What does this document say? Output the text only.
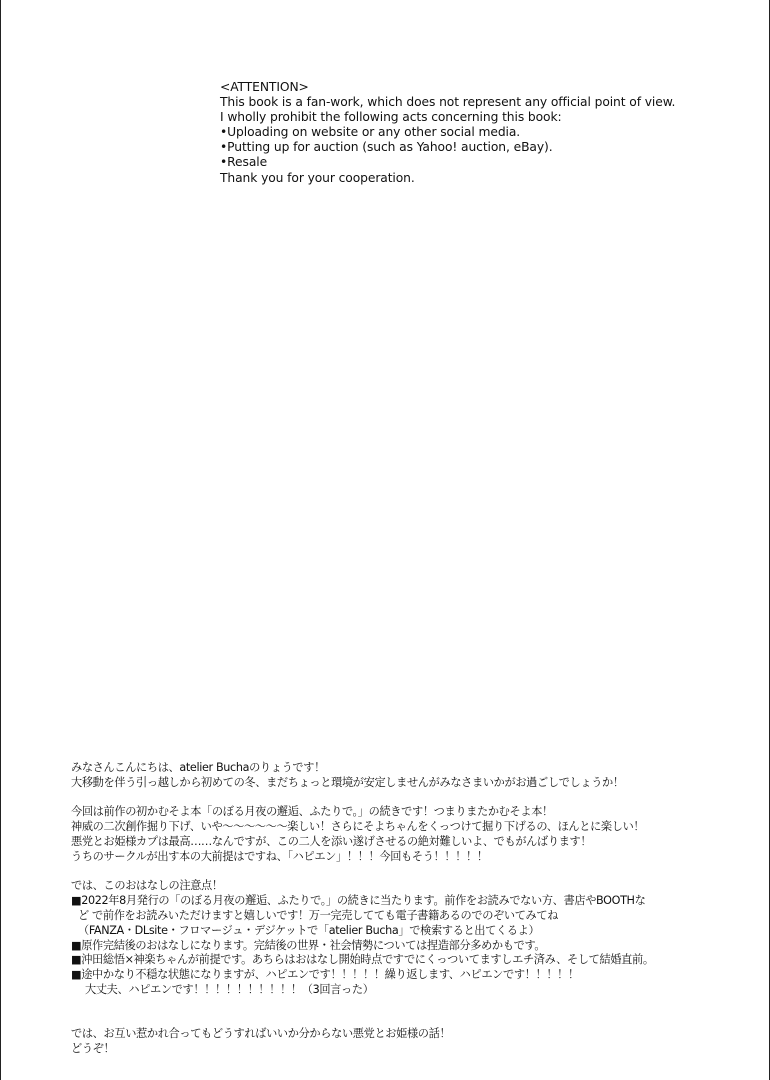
<ATTENTION>
This book is a fan-work, which does not represent any official point of view.
I wholly prohibit the following acts concerning this book:
•Uploading on website or any other social media.
•Putting up for auction (such as Yahoo! auction, eBay).
•Resale
Thank you for your cooperation.
みなさんこんにちは、atelier Buchaのりょうです！
大移動を伴う引っ越しから初めての冬、まだちょっと環境が安定しませんがみなさまいかがお過ごしでしょうか！
今回は前作の初かむそよ本「のぼる月夜の邂逅、ふたりで。」の続きです！つまりまたかむそよ本！
神威の二次創作掘り下げ、いや〜〜〜〜〜〜楽しい！さらにそよちゃんをくっつけて掘り下げるの、ほんとに楽しい！
悪党とお姫様カプは最高……なんですが、この二人を添い遂げさせるの絶対難しいよ、でもがんばります！
うちのサークルが出す本の大前提はですね、「ハピエン」！！！今回もそう！！！！！
では、このおはなしの注意点！
■2022年8月発行の「のぼる月夜の邂逅、ふたりで。」の続きに当たります。前作をお読みでない方、書店やBOOTHな
ど で前作をお読みいただけますと嬉しいです！万一完売してても電子書籍あるのでのぞいてみてね
（FANZA・DLsite・フロマージュ・デジケットで「atelier Bucha」で検索すると出てくるよ）
■原作完結後のおはなしになります。完結後の世界・社会情勢については捏造部分多めかもです。
■沖田総悟×神楽ちゃんが前提です。あちらはおはなし開始時点ですでにくっついてますしエチ済み、そして結婚直前。
■途中かなり不穏な状態になりますが、ハピエンです！！！！！繰り返します、ハピエンです！！！！！
大丈夫、ハピエンです！！！！！！！！！！（3回言った）
では、お互い惹かれ合ってもどうすればいいか分からない悪党とお姫様の話！
どうぞ！
